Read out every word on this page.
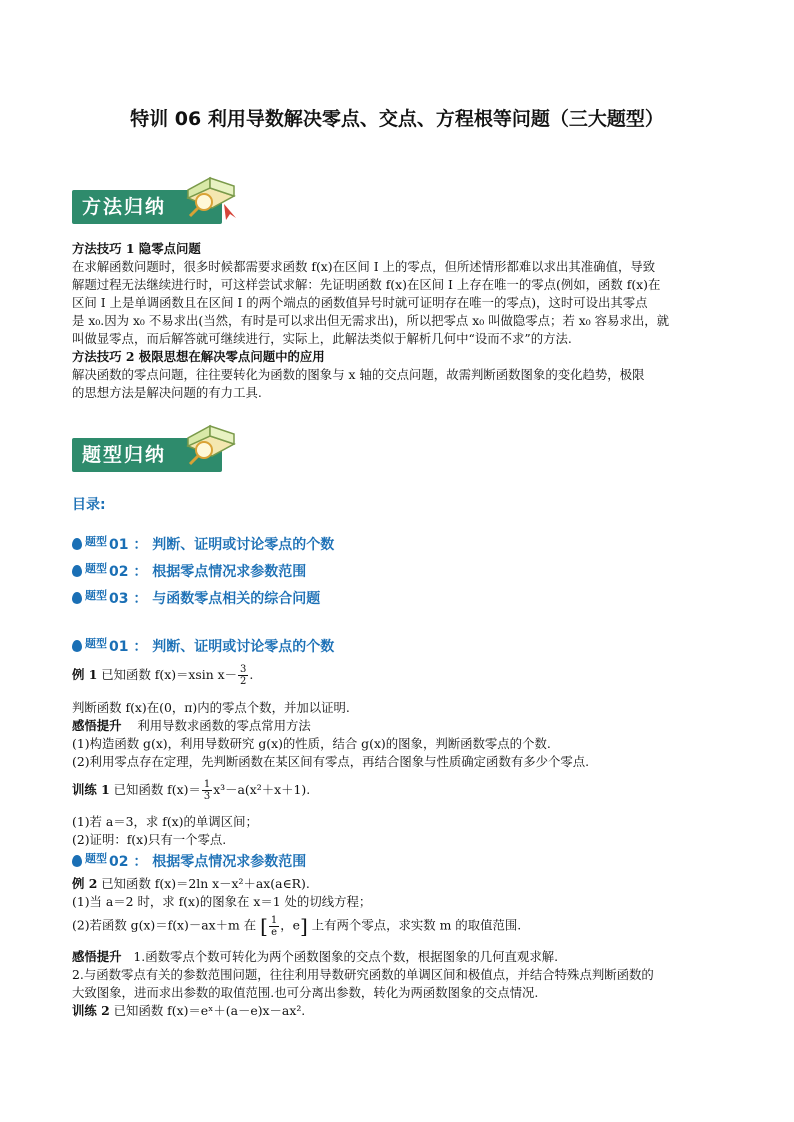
特训 06 利用导数解决零点、交点、方程根等问题（三大题型）
方法归纳
方法技巧 1 隐零点问题
在求解函数问题时，很多时候都需要求函数 f(x)在区间 I 上的零点，但所述情形都难以求出其准确值，导致
解题过程无法继续进行时，可这样尝试求解：先证明函数 f(x)在区间 I 上存在唯一的零点(例如，函数 f(x)在
区间 I 上是单调函数且在区间 I 的两个端点的函数值异号时就可证明存在唯一的零点)，这时可设出其零点
是 x₀.因为 x₀ 不易求出(当然，有时是可以求出但无需求出)，所以把零点 x₀ 叫做隐零点；若 x₀ 容易求出，就
叫做显零点，而后解答就可继续进行，实际上，此解法类似于解析几何中“设而不求”的方法.
方法技巧 2 极限思想在解决零点问题中的应用
解决函数的零点问题，往往要转化为函数的图象与 x 轴的交点问题，故需判断函数图象的变化趋势，极限
的思想方法是解决问题的有力工具.
题型归纳
目录:
题型 01 ： 判断、证明或讨论零点的个数
题型 02 ： 根据零点情况求参数范围
题型 03 ： 与函数零点相关的综合问题
题型 01 ： 判断、证明或讨论零点的个数
例 1 已知函数 f(x)＝xsin $x- \frac{3}{2}$ .
判断函数 f(x)在(0，π)内的零点个数，并加以证明.
感悟提升 利用导数求函数的零点常用方法
(1)构造函数 g(x)，利用导数研究 g(x)的性质，结合 g(x)的图象，判断函数零点的个数.
(2)利用零点存在定理，先判断函数在某区间有零点，再结合图象与性质确定函数有多少个零点.
训练 1 已知函数 $f(x)= \frac{1}{3} x^3-a(x^2+x+1)$.
(1)若 a＝3，求 f(x)的单调区间；
(2)证明：f(x)只有一个零点.
题型 02 ： 根据零点情况求参数范围
例 2 已知函数 f(x)＝2ln x－x²＋ax(a∈R).
(1)当 a＝2 时，求 f(x)的图象在 x＝1 处的切线方程；
(2)若函数 g(x)＝f(x)－ax＋m 在 [ $\frac{1}{e}$ ，e] 上有两个零点，求实数 m 的取值范围.
感悟提升 1.函数零点个数可转化为两个函数图象的交点个数，根据图象的几何直观求解.
2.与函数零点有关的参数范围问题，往往利用导数研究函数的单调区间和极值点，并结合特殊点判断函数的
大致图象，进而求出参数的取值范围.也可分离出参数，转化为两函数图象的交点情况.
训练 2 已知函数 f(x)＝eˣ＋(a－e)x－ax².
